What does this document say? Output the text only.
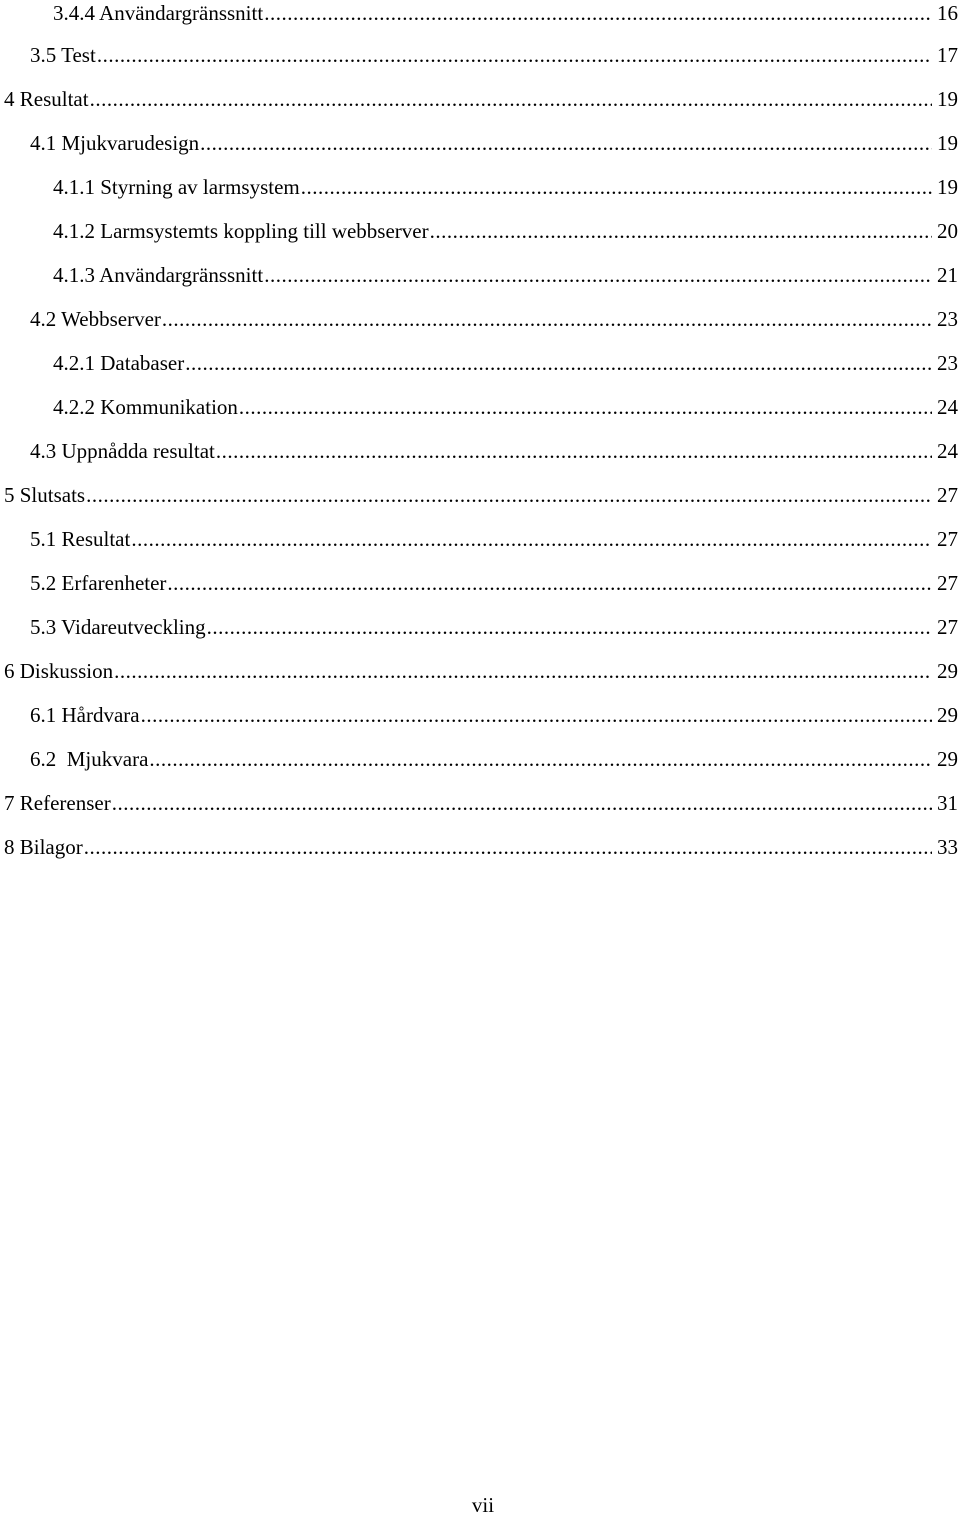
3.4.4 Användargränssnitt .....	16
3.5 Test .....	17
4 Resultat .....	19
4.1 Mjukvarudesign .....	19
4.1.1 Styrning av larmsystem .....	19
4.1.2 Larmsystemts koppling till webbserver .....	20
4.1.3 Användargränssnitt .....	21
4.2 Webbserver .....	23
4.2.1 Databaser .....	23
4.2.2 Kommunikation .....	24
4.3 Uppnådda resultat .....	24
5 Slutsats .....	27
5.1 Resultat .....	27
5.2 Erfarenheter .....	27
5.3 Vidareutveckling .....	27
6 Diskussion .....	29
6.1 Hårdvara .....	29
6.2  Mjukvara .....	29
7 Referenser .....	31
8 Bilagor .....	33
vii
